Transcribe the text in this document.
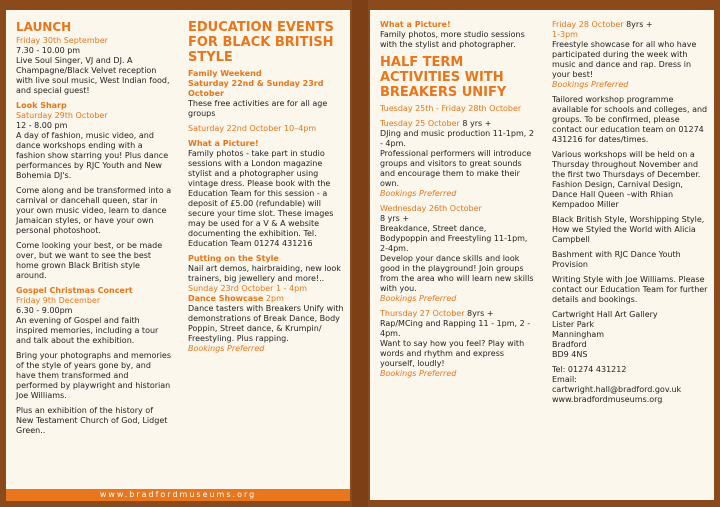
LAUNCH
Friday 30th September

7.30 - 10.00 pm
Live Soul Singer, VJ and DJ. A Champagne/Black Velvet reception with live soul music, West Indian food, and special guest!

Look Sharp
Saturday 29th October
12 - 8.00 pm

A day of fashion, music video, and dance workshops ending with a fashion show starring you! Plus dance performances by RJC Youth and New Bohemia DJ's.

Come along and be transformed into a carnival or dancehall queen, star in your own music video, learn to dance Jamaican styles, or have your own personal photoshoot.

Come looking your best, or be made over, but we want to see the best home grown Black British style around.

Gospel Christmas Concert
Friday 9th December
6.30 - 9.00pm

An evening of Gospel and faith inspired memories, including a tour and talk about the exhibition.

Bring your photographs and memories of the style of years gone by, and have them transformed and performed by playwright and historian Joe Williams.

Plus an exhibition of the history of New Testament Church of God, Lidget Green..

EDUCATION EVENTS FOR BLACK BRITISH STYLE
Family Weekend
Saturday 22nd & Sunday 23rd October

These free activities are for all age groups

Saturday 22nd October 10–4pm

What a Picture!

Family photos - take part in studio sessions with a London magazine stylist and a photographer using vintage dress. Please book with the Education Team for this session - a deposit of £5.00 (refundable) will secure your time slot. These images may be used for a V & A website documenting the exhibition. Tel. Education Team 01274 431216

Putting on the Style
Nail art demos, hairbraiding, new look trainers, big jewellery and more!..
Sunday 23rd October 1 - 4pm
Dance Showcase 2pm
Dance tasters with Breakers Unify with demonstrations of Break Dance, Body Poppin, Street dance, & Krumpin/ Freestyling. Plus rapping.
Bookings Preferred
www.bradfordmuseums.org
What a Picture!

Family photos, more studio sessions with the stylist and photographer.

HALF TERM ACTIVITIES WITH BREAKERS UNIFY

Tuesday 25th - Friday 28th October

Tuesday 25 October 8 yrs +
DJing and music production 11-1pm, 2 - 4pm.
Professional performers will introduce groups and visitors to great sounds and encourage them to make their own.

Bookings Preferred

Wednesday 26th October
8 yrs +
Breakdance, Street dance, Bodypoppin and Freestyling 11-1pm, 2-4pm.
Develop your dance skills and look good in the playground! Join groups from the area who will learn new skills with you.

Bookings Preferred

Thursday 27 October 8yrs +
Rap/MCing and Rapping 11 - 1pm, 2 - 4pm.
Want to say how you feel? Play with words and rhythm and express yourself, loudly!
Bookings Preferred
Friday 28 October 8yrs +
1-3pm
Freestyle showcase for all who have participated during the week with music and dance and rap. Dress in your best!

Bookings Preferred

Tailored workshop programme available for schools and colleges, and groups. To be confirmed, please contact our education team on 01274 431216 for dates/times.

Various workshops will be held on a Thursday throughout November and the first two Thursdays of December. Fashion Design, Carnival Design, Dance Hall Queen –with Rhian Kempadoo Miller

Black British Style, Worshipping Style, How we Styled the World with Alicia Campbell

Bashment with RJC Dance Youth Provision

Writing Style with Joe Williams. Please contact our Education Team for further details and bookings.

Cartwright Hall Art Gallery
Lister Park
Manningham
Bradford
BD9 4NS

Tel: 01274 431212
Email: cartwright.hall@bradford.gov.uk
www.bradfordmuseums.org
